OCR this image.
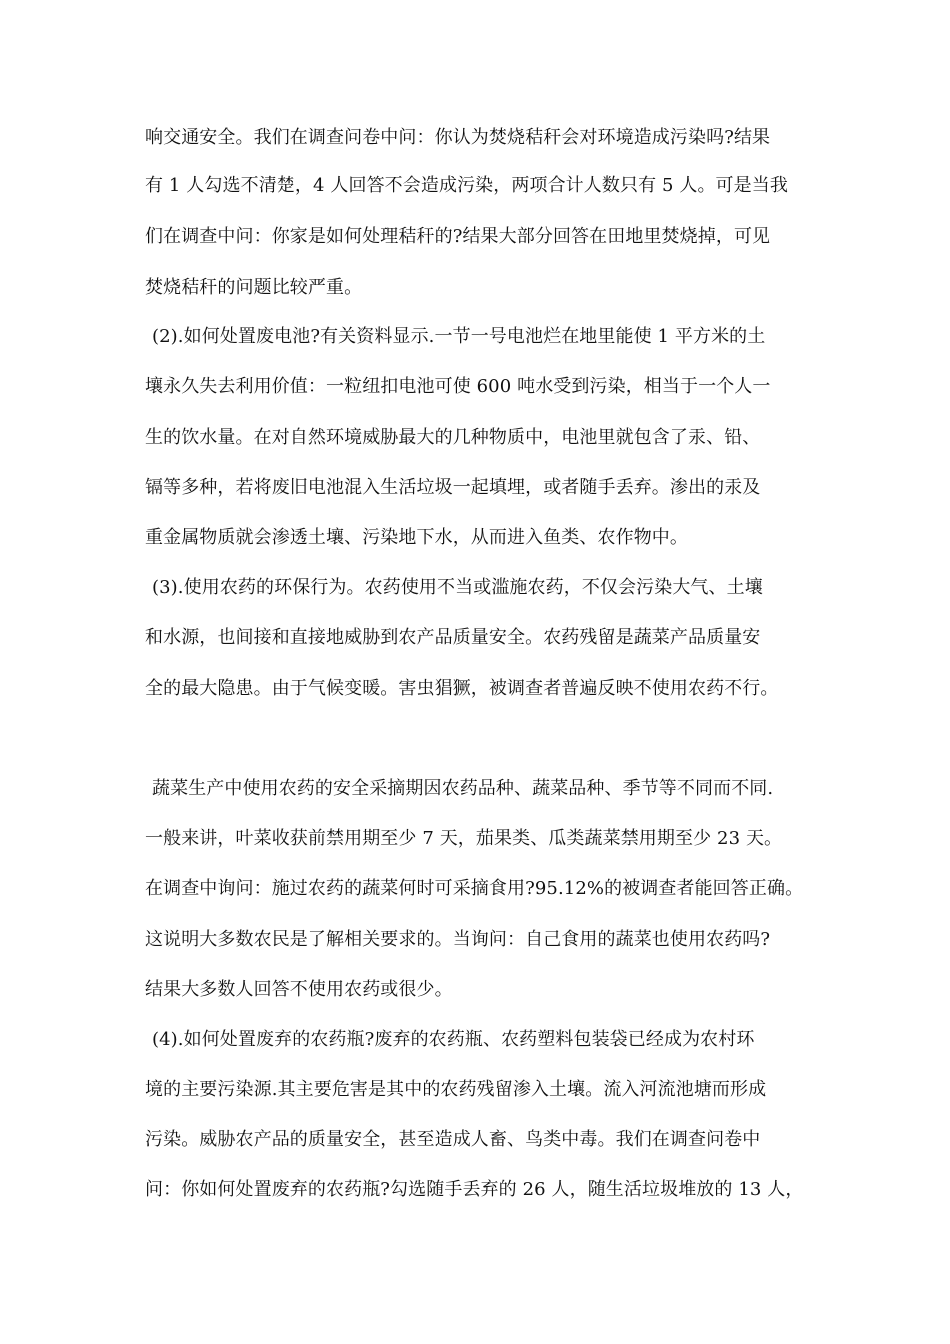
响交通安全。我们在调查问卷中问：你认为焚烧秸秆会对环境造成污染吗?结果
有 1 人勾选不清楚，4 人回答不会造成污染，两项合计人数只有 5 人。可是当我
们在调查中问：你家是如何处理秸秆的?结果大部分回答在田地里焚烧掉，可见
焚烧秸秆的问题比较严重。
(2).如何处置废电池?有关资料显示.一节一号电池烂在地里能使 1 平方米的土
壤永久失去利用价值：一粒纽扣电池可使 600 吨水受到污染，相当于一个人一
生的饮水量。在对自然环境威胁最大的几种物质中，电池里就包含了汞、铅、
镉等多种，若将废旧电池混入生活垃圾一起填埋，或者随手丢弃。渗出的汞及
重金属物质就会渗透土壤、污染地下水，从而进入鱼类、农作物中。
(3).使用农药的环保行为。农药使用不当或滥施农药，不仅会污染大气、土壤
和水源，也间接和直接地威胁到农产品质量安全。农药残留是蔬菜产品质量安
全的最大隐患。由于气候变暖。害虫猖獗，被调查者普遍反映不使用农药不行。
蔬菜生产中使用农药的安全采摘期因农药品种、蔬菜品种、季节等不同而不同.
一般来讲，叶菜收获前禁用期至少 7 天，茄果类、瓜类蔬菜禁用期至少 23 天。
在调查中询问：施过农药的蔬菜何时可采摘食用?95.12%的被调查者能回答正确。
这说明大多数农民是了解相关要求的。当询问：自己食用的蔬菜也使用农药吗?
结果大多数人回答不使用农药或很少。
(4).如何处置废弃的农药瓶?废弃的农药瓶、农药塑料包装袋已经成为农村环
境的主要污染源.其主要危害是其中的农药残留渗入土壤。流入河流池塘而形成
污染。威胁农产品的质量安全，甚至造成人畜、鸟类中毒。我们在调查问卷中
问：你如何处置废弃的农药瓶?勾选随手丢弃的 26 人，随生活垃圾堆放的 13 人，
